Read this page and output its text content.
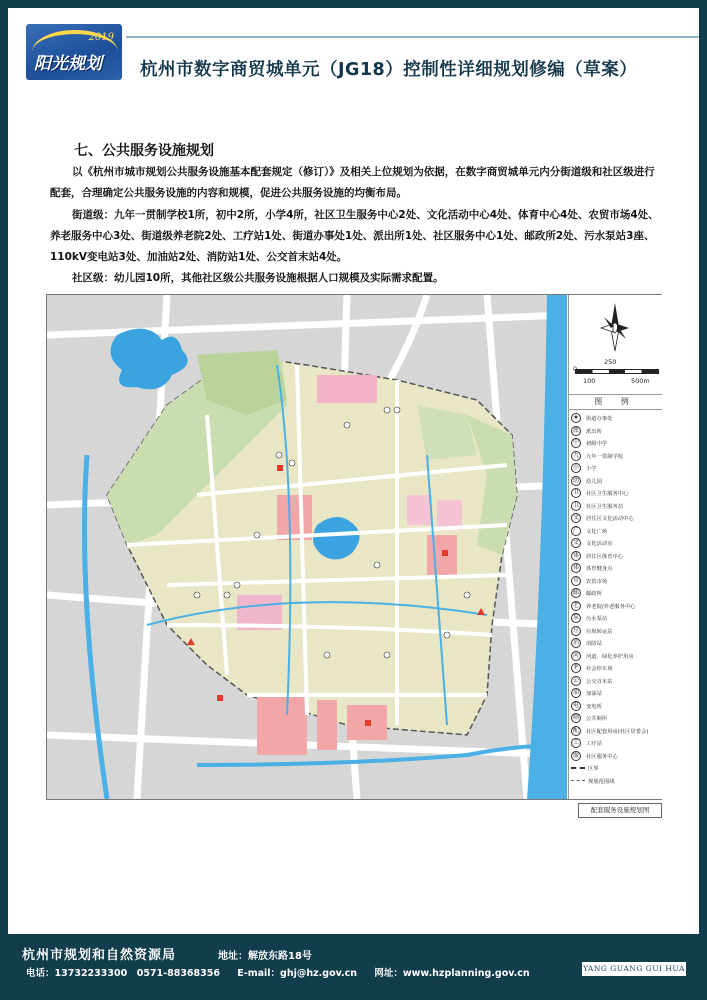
2019
阳光规划 杭州市数字商贸城单元（JG18）控制性详细规划修编（草案）
七、公共服务设施规划
以《杭州市城市规划公共服务设施基本配套规定（修订）》及相关上位规划为依据，在数字商贸城单元内分街道级和社区级进行配套，合理确定公共服务设施的内容和规模，促进公共服务设施的均衡布局。
街道级：九年一贯制学校1所，初中2所，小学4所，社区卫生服务中心2处、文化活动中心4处、体育中心4处、农贸市场4处、养老服务中心3处、街道级养老院2处、工疗站1处、街道办事处1处、派出所1处、社区服务中心1处、邮政所2处、污水泵站3座、110kV变电站3处、加油站2处、消防站1处、公交首末站4处。
社区级：幼儿园10所，其他社区级公共服务设施根据人口规模及实际需求配置。
250
0
100	500m
图 例
★	街道办事处
派	派出所
中	初级中学
九	九年一贯制学校
小	小学
幼	幼儿园
卫	社区卫生服务中心
卫	社区卫生服务站
文	居住区文化活动中心
广	文化广场
文	文化活动室
体	居住区体育中心
体	体育健身点
市	农贸市场
邮	邮政所
老	养老院/养老服务中心
泵	污水泵站
垃	垃圾转运站
消	消防站
河	河道、绿化养护用房
P	社会停车场
公	公交首末站
油	加油站
电	变电所
厕	公共厕所
配	社区配套用房(社区居委会)
工	工疗站
服	社区服务中心
区界
规划范围线
配套服务设施规划图
杭州市规划和自然资源局	地址：解放东路18号
电话：13732233300　0571-88368356 E-mail：ghj@hz.gov.cn 网址：www.hzplanning.gov.cn	YANG GUANG GUI HUA
